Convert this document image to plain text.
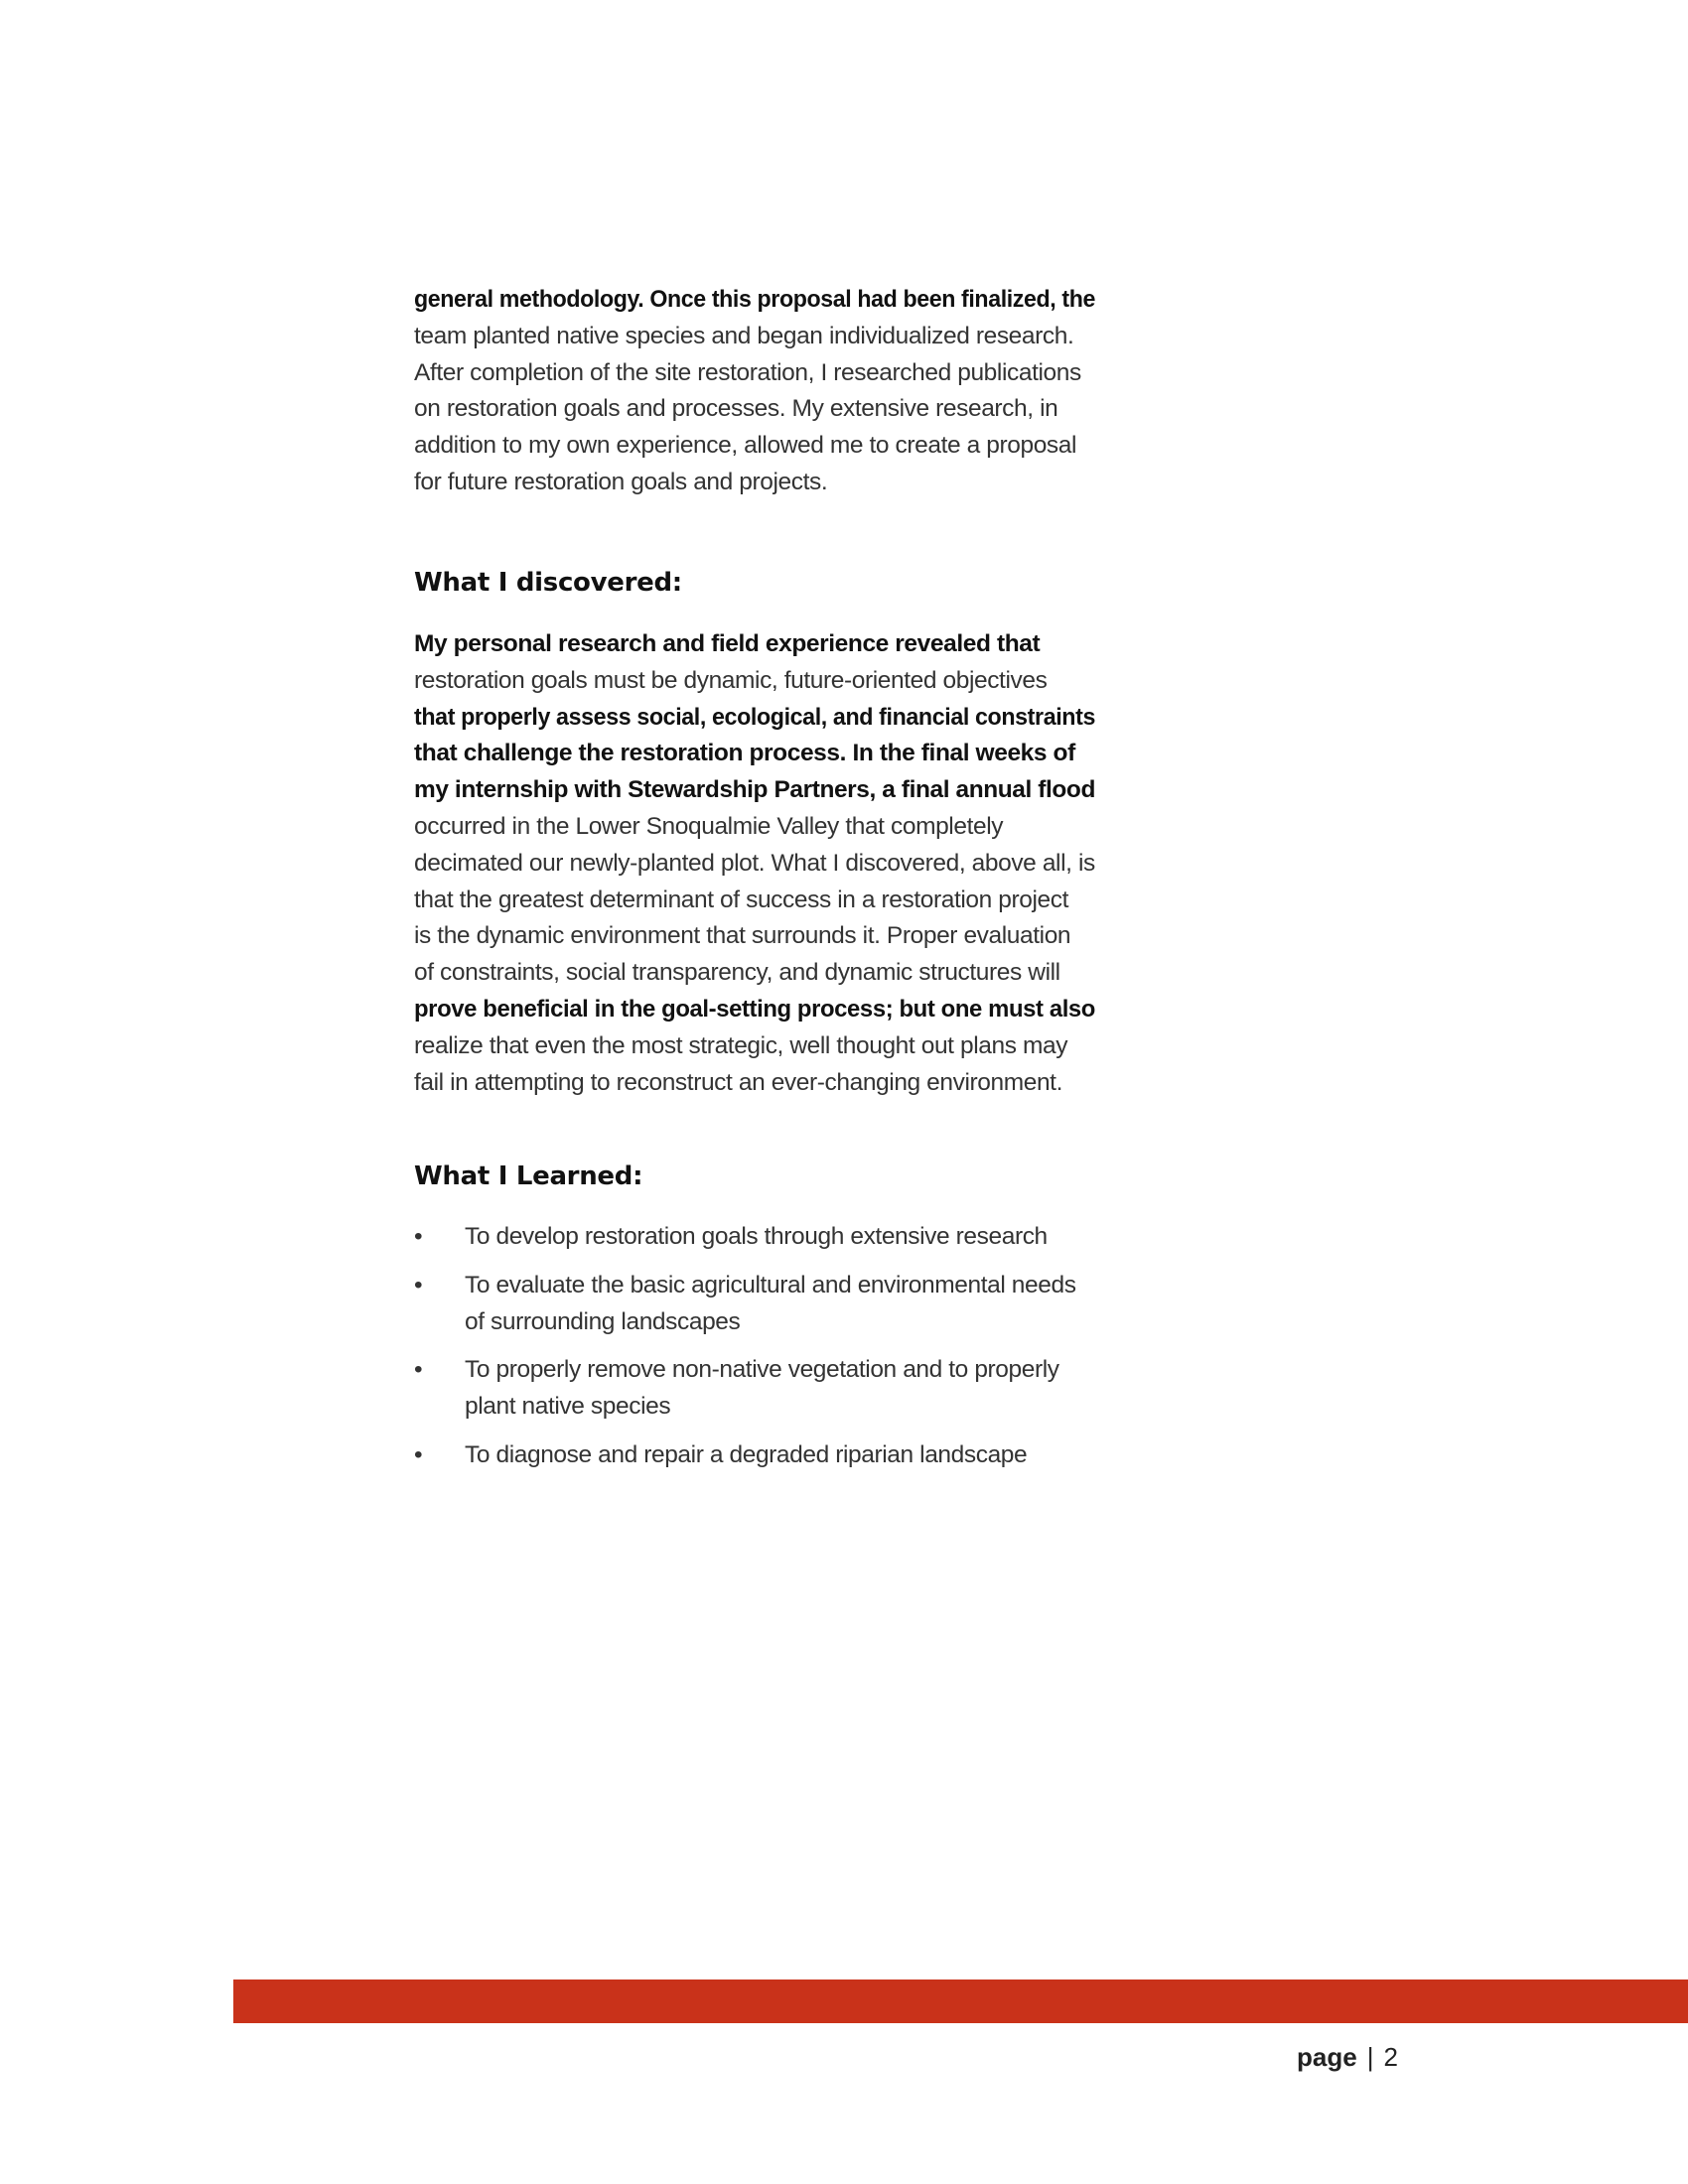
general methodology. Once this proposal had been finalized, the
team planted native species and began individualized research.
After completion of the site restoration, I researched publications
on restoration goals and processes. My extensive research, in
addition to my own experience, allowed me to create a proposal
for future restoration goals and projects.
What I discovered:
My personal research and field experience revealed that
restoration goals must be dynamic, future-oriented objectives
that properly assess social, ecological, and financial constraints
that challenge the restoration process. In the final weeks of
my internship with Stewardship Partners, a final annual flood
occurred in the Lower Snoqualmie Valley that completely
decimated our newly-planted plot. What I discovered, above all, is
that the greatest determinant of success in a restoration project
is the dynamic environment that surrounds it. Proper evaluation
of constraints, social transparency, and dynamic structures will
prove beneficial in the goal-setting process; but one must also
realize that even the most strategic, well thought out plans may
fail in attempting to reconstruct an ever-changing environment.
What I Learned:
•	To develop restoration goals through extensive research
•	To evaluate the basic agricultural and environmental needs of surrounding landscapes
•	To properly remove non-native vegetation and to properly plant native species
•	To diagnose and repair a degraded riparian landscape
page | 2
